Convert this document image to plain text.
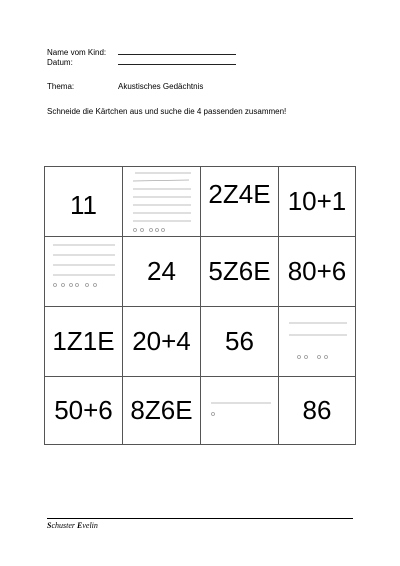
Name vom Kind:
Datum:
Thema:	Akustisches Gedächtnis
Schneide die Kärtchen aus und suche die 4 passenden zusammen!
11	2Z4E 10+1
24 5Z6E 80+6
1Z1E 20+4 56
50+6 8Z6E	86
Schuster Evelin
